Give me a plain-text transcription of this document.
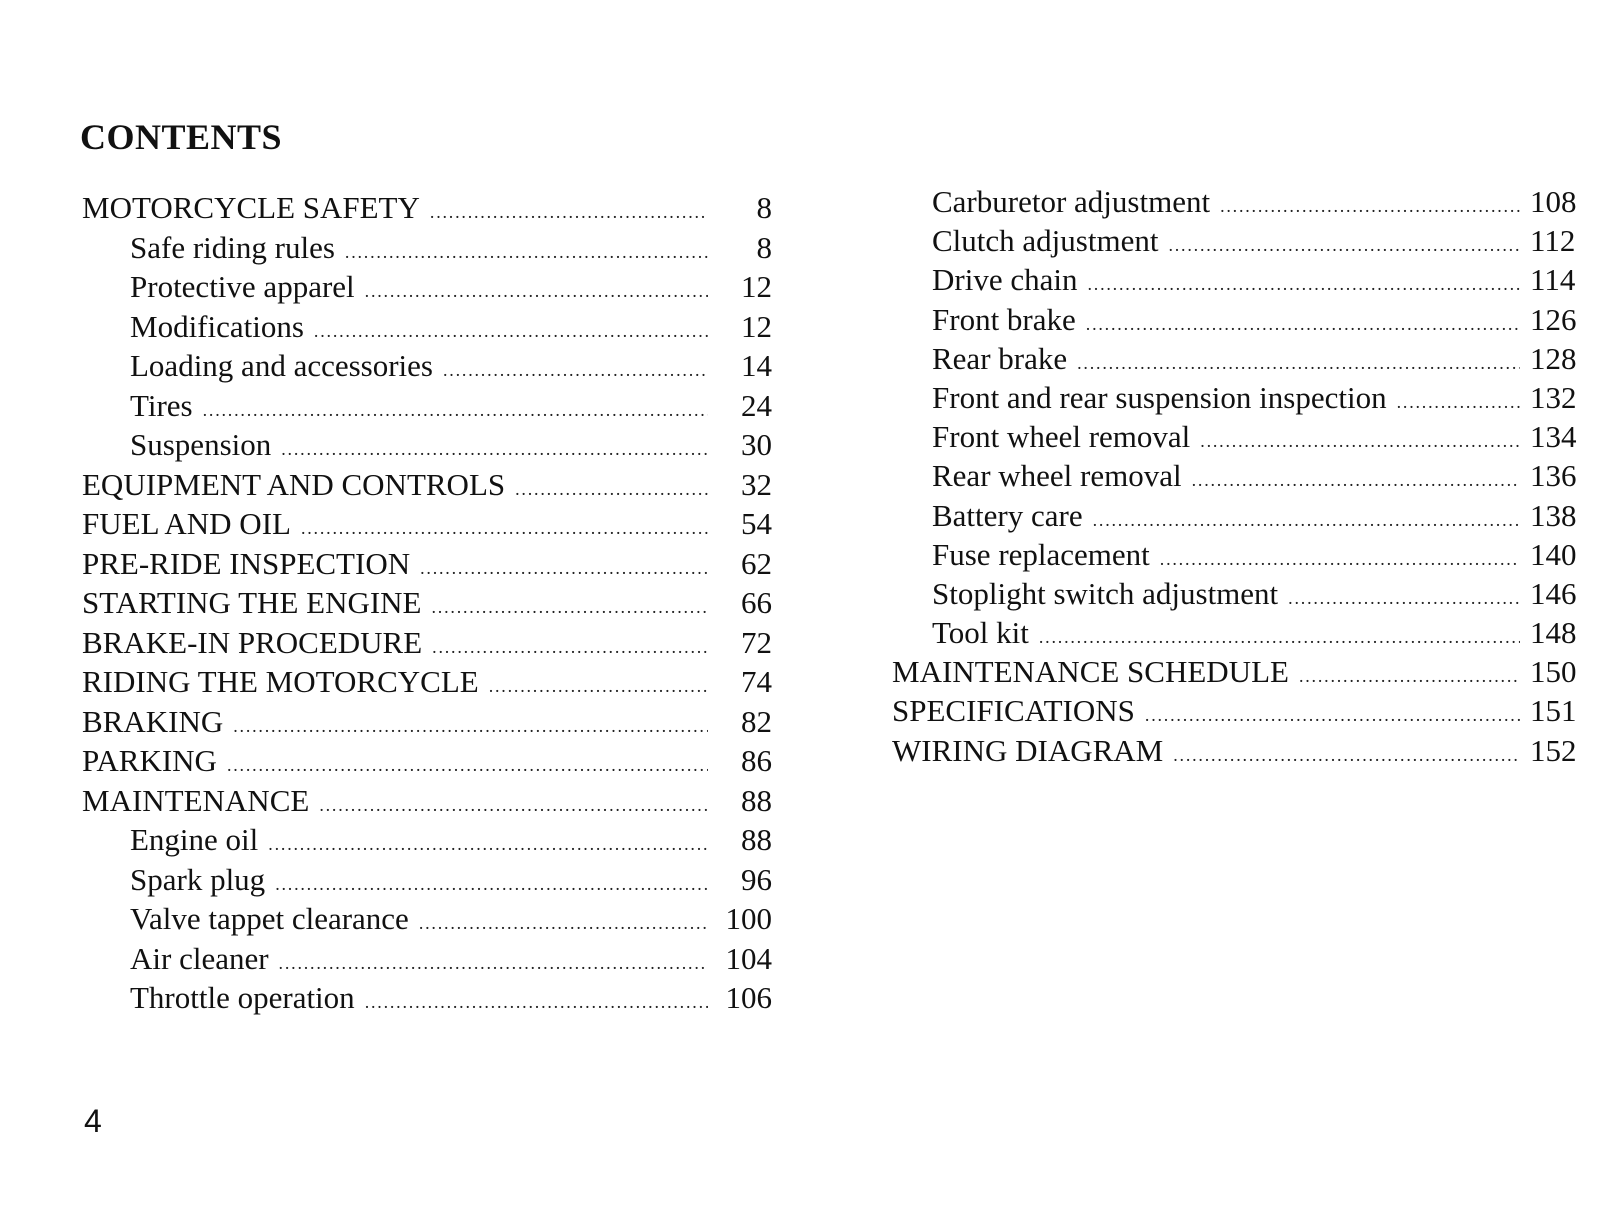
CONTENTS
MOTORCYCLE SAFETY .....	8
Safe riding rules .....	8
Protective apparel .....	12
Modifications .....	12
Loading and accessories .....	14
Tires .....	24
Suspension .....	30
EQUIPMENT AND CONTROLS .....	32
FUEL AND OIL .....	54
PRE-RIDE INSPECTION .....	62
STARTING THE ENGINE .....	66
BRAKE-IN PROCEDURE .....	72
RIDING THE MOTORCYCLE .....	74
BRAKING .....	82
PARKING .....	86
MAINTENANCE .....	88
Engine oil .....	88
Spark plug .....	96
Valve tappet clearance .....	100
Air cleaner .....	104
Throttle operation .....	106
Carburetor adjustment .....	108
Clutch adjustment .....	112
Drive chain .....	114
Front brake .....	126
Rear brake .....	128
Front and rear suspension inspection .....	132
Front wheel removal .....	134
Rear wheel removal .....	136
Battery care .....	138
Fuse replacement .....	140
Stoplight switch adjustment .....	146
Tool kit .....	148
MAINTENANCE SCHEDULE .....	150
SPECIFICATIONS .....	151
WIRING DIAGRAM .....	152
4
